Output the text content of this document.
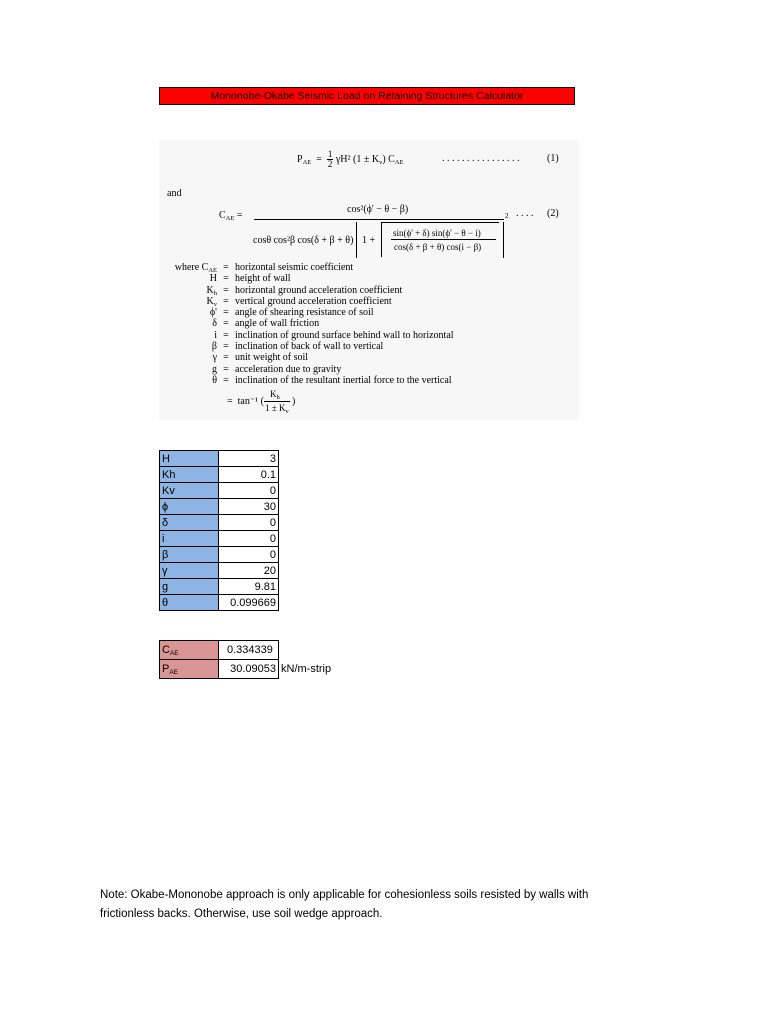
Mononobe-Okabe Seismic Load on Retaining Structures Calculator
$P_{AE} = 1$
2 γH² $(1 \pm K_v)$ $C_{AE}$	. . . . . . . . . . . . . . . .	(1)
and
$C_{AE}$ =
cos²(ϕ' − θ − β)
cosθ cos²β cos(δ + β + θ) 1 +
sin(ϕ' + δ) sin(ϕ' − θ − i)
cos(δ + β + θ) cos(i − β)
2 . . . . (2)
where $C_{AE}$ = horizontal seismic coefficient
H = height of wall
$K_h$ = horizontal ground acceleration coefficient
$K_v$ = vertical ground acceleration coefficient
ϕ' = angle of shearing resistance of soil
δ = angle of wall friction
i = inclination of ground surface behind wall to horizontal
β = inclination of back of wall to vertical
γ = unit weight of soil
g = acceleration due to gravity
θ = inclination of the resultant inertial force to the vertical
=  tan⁻¹ (
$K_h$
$1 \pm K_v$
)
H	3
Kh	0.1
Kv	0
ϕ	30
δ	0
i	0
β	0
γ	20
g	9.81
θ	0.099669
$C_{AE}$	0.334339
$P_{AE}$	30.09053 kN/m-strip
Note: Okabe-Mononobe approach is only applicable for cohesionless soils resisted by walls with frictionless backs. Otherwise, use soil wedge approach.
